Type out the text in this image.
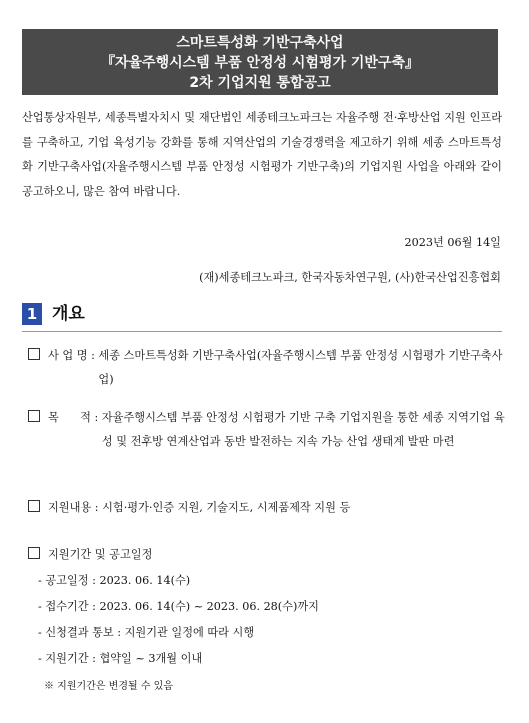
스마트특성화 기반구축사업
『자율주행시스템 부품 안정성 시험평가 기반구축』
2차 기업지원 통합공고
산업통상자원부, 세종특별자치시 및 재단법인 세종테크노파크는 자율주행 전·후방산업 지원 인프라를 구축하고, 기업 육성기능 강화를 통해 지역산업의 기술경쟁력을 제고하기 위해 세종 스마트특성화 기반구축사업(자율주행시스템 부품 안정성 시험평가 기반구축)의 기업지원 사업을 아래와 같이 공고하오니, 많은 참여 바랍니다.
2023년 06월 14일
(재)세종테크노파크, 한국자동차연구원, (사)한국산업진흥협회
1 개요
사 업 명 : 세종 스마트특성화 기반구축사업(자율주행시스템 부품 안정성 시험평가 기반구축사업)
목      적 : 자율주행시스템 부품 안정성 시험평가 기반 구축 기업지원을 통한 세종 지역기업 육성 및 전후방 연계산업과 동반 발전하는 지속 가능 산업 생태계 발판 마련
지원내용 : 시험·평가·인증 지원, 기술지도, 시제품제작 지원 등
지원기간 및 공고일정
- 공고일정 : 2023. 06. 14(수)
- 접수기간 : 2023. 06. 14(수) ~ 2023. 06. 28(수)까지
- 신청결과 통보 : 지원기관 일정에 따라 시행
- 지원기간 : 협약일 ~ 3개월 이내
※ 지원기간은 변경될 수 있음
